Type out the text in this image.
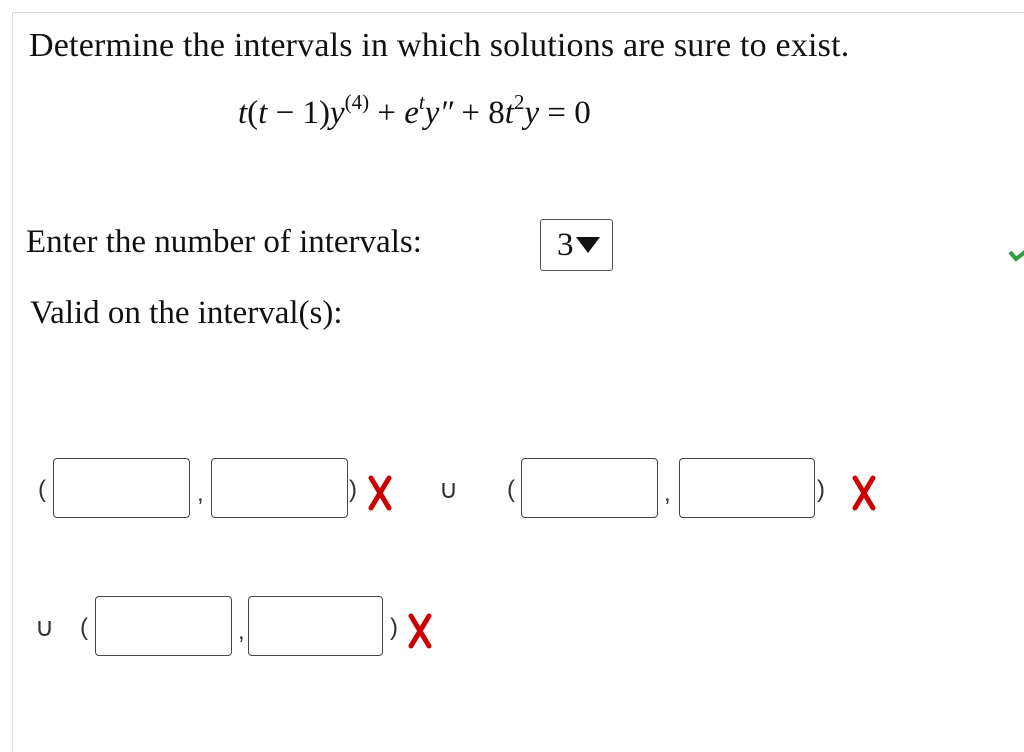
Determine the intervals in which solutions are sure to exist.
$t(t - 1)y^{(4)} + e^ty'' + 8t^2y = 0$
Enter the number of intervals:	3
Valid on the interval(s):
(	,	)	∪ (	,	)
∪ (	,	)
